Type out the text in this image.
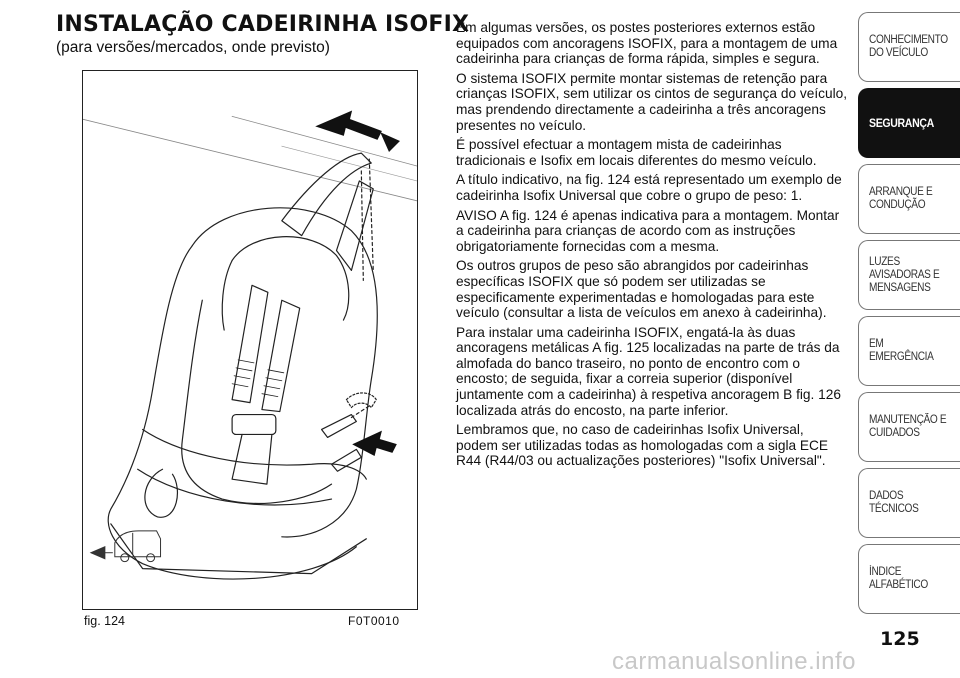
INSTALAÇÃO CADEIRINHA ISOFIX
(para versões/mercados, onde previsto)
fig. 124	F0T0010

Em algumas versões, os postes posteriores externos estão equipados com ancoragens ISOFIX, para a montagem de uma cadeirinha para crianças de forma rápida, simples e segura.

O sistema ISOFIX permite montar sistemas de retenção para crianças ISOFIX, sem utilizar os cintos de segurança do veículo, mas prendendo directamente a cadeirinha a três ancoragens presentes no veículo.

É possível efectuar a montagem mista de cadeirinhas tradicionais e Isofix em locais diferentes do mesmo veículo.

A título indicativo, na fig. 124 está representado um exemplo de cadeirinha Isofix Universal que cobre o grupo de peso: 1.

AVISO A fig. 124 é apenas indicativa para a montagem. Montar a cadeirinha para crianças de acordo com as instruções obrigatoriamente fornecidas com a mesma.

Os outros grupos de peso são abrangidos por cadeirinhas específicas ISOFIX que só podem ser utilizadas se especificamente experimentadas e homologadas para este veículo (consultar a lista de veículos em anexo à cadeirinha).

Para instalar uma cadeirinha ISOFIX, engatá-la às duas ancoragens metálicas A fig. 125 localizadas na parte de trás da almofada do banco traseiro, no ponto de encontro com o encosto; de seguida, fixar a correia superior (disponível juntamente com a cadeirinha) à respetiva ancoragem B fig. 126 localizada atrás do encosto, na parte inferior.

Lembramos que, no caso de cadeirinhas Isofix Universal, podem ser utilizadas todas as homologadas com a sigla ECE R44 (R44/03 ou actualizações posteriores) "Isofix Universal".

CONHECIMENTO DO VEÍCULO
SEGURANÇA
ARRANQUE E CONDUÇÃO
LUZES AVISADORAS E MENSAGENS
EM EMERGÊNCIA
MANUTENÇÃO E CUIDADOS
DADOS TÉCNICOS
ÍNDICE ALFABÉTICO
125
carmanualsonline.info
